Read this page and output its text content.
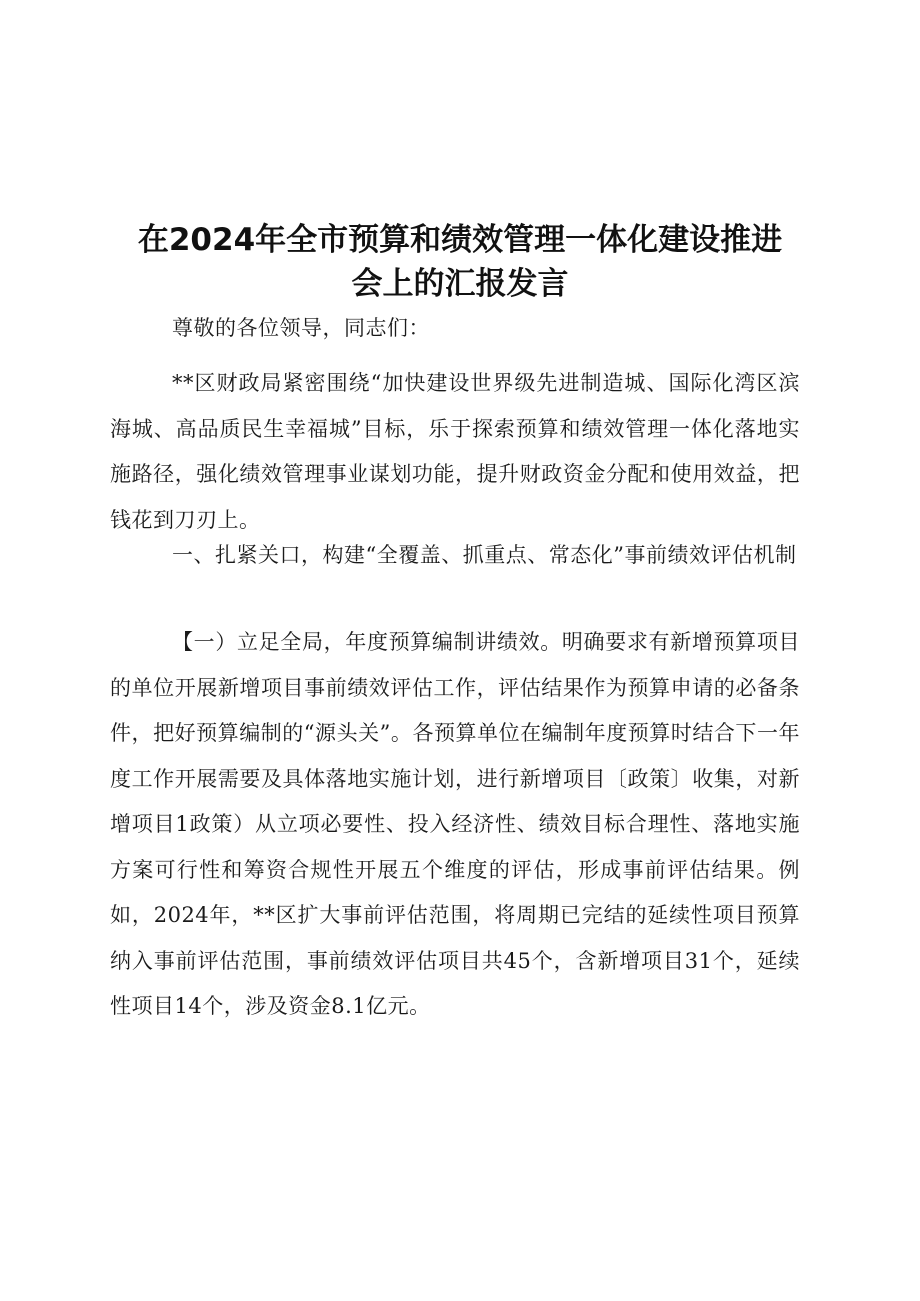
在2024年全市预算和绩效管理一体化建设推进
会上的汇报发言
尊敬的各位领导，同志们：
**区财政局紧密围绕“加快建设世界级先进制造城、国际化湾区滨海城、高品质民生幸福城”目标，乐于探索预算和绩效管理一体化落地实施路径，强化绩效管理事业谋划功能，提升财政资金分配和使用效益，把钱花到刀刃上。
一、扎紧关口，构建“全覆盖、抓重点、常态化”事前绩效评估机制
【一）立足全局，年度预算编制讲绩效。明确要求有新增预算项目的单位开展新增项目事前绩效评估工作，评估结果作为预算申请的必备条件，把好预算编制的“源头关”。各预算单位在编制年度预算时结合下一年度工作开展需要及具体落地实施计划，进行新增项目〔政策〕收集，对新增项目1政策）从立项必要性、投入经济性、绩效目标合理性、落地实施方案可行性和筹资合规性开展五个维度的评估，形成事前评估结果。例如，2024年，**区扩大事前评估范围，将周期已完结的延续性项目预算纳入事前评估范围，事前绩效评估项目共45个，含新增项目31个，延续性项目14个，涉及资金8.1亿元。
